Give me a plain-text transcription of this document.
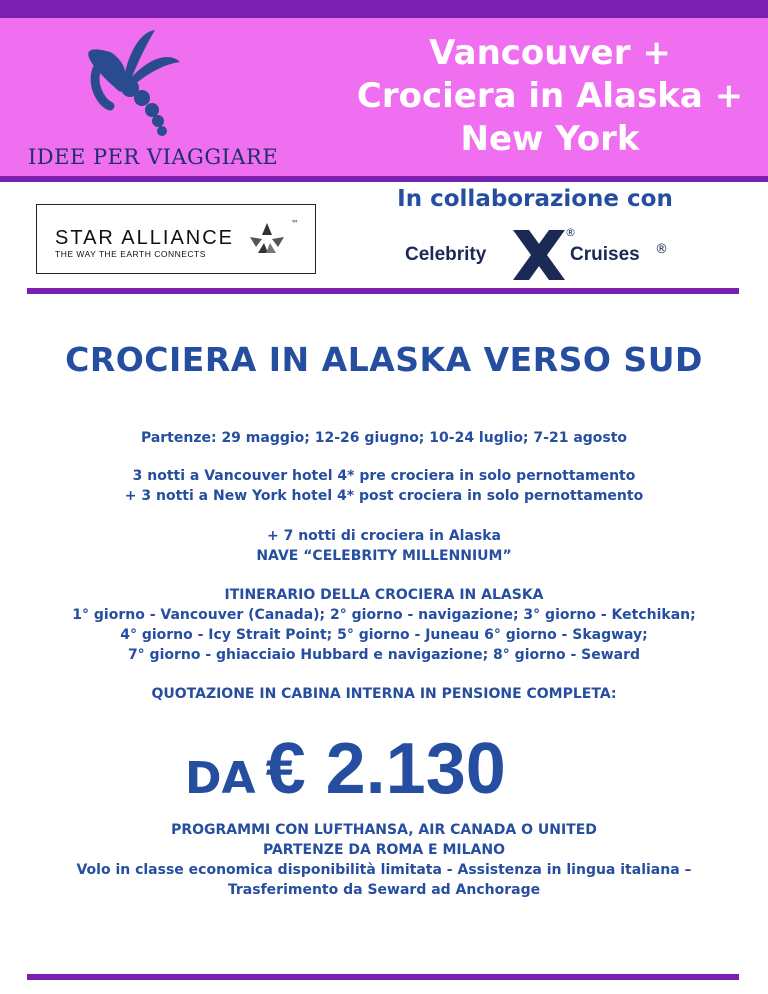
IDEE PER VIAGGIARE
Vancouver +
Crociera in Alaska +
New York
In collaborazione con
STAR ALLIANCE
THE WAY THE EARTH CONNECTS
™
Celebrity
®
Cruises ®
CROCIERA IN ALASKA VERSO SUD
Partenze: 29 maggio; 12-26 giugno; 10-24 luglio; 7-21 agosto
3 notti a Vancouver hotel 4* pre crociera in solo pernottamento
+ 3 notti a New York hotel 4* post crociera in solo pernottamento
+ 7 notti di crociera in Alaska
NAVE “CELEBRITY MILLENNIUM”
ITINERARIO DELLA CROCIERA IN ALASKA
1° giorno - Vancouver (Canada); 2° giorno - navigazione; 3° giorno - Ketchikan;
4° giorno - Icy Strait Point; 5° giorno - Juneau 6° giorno - Skagway;
7° giorno - ghiacciaio Hubbard e navigazione; 8° giorno - Seward
QUOTAZIONE IN CABINA INTERNA IN PENSIONE COMPLETA:
DA € 2.130
PROGRAMMI CON LUFTHANSA, AIR CANADA O UNITED
PARTENZE DA ROMA E MILANO
Volo in classe economica disponibilità limitata - Assistenza in lingua italiana –
Trasferimento da Seward ad Anchorage
